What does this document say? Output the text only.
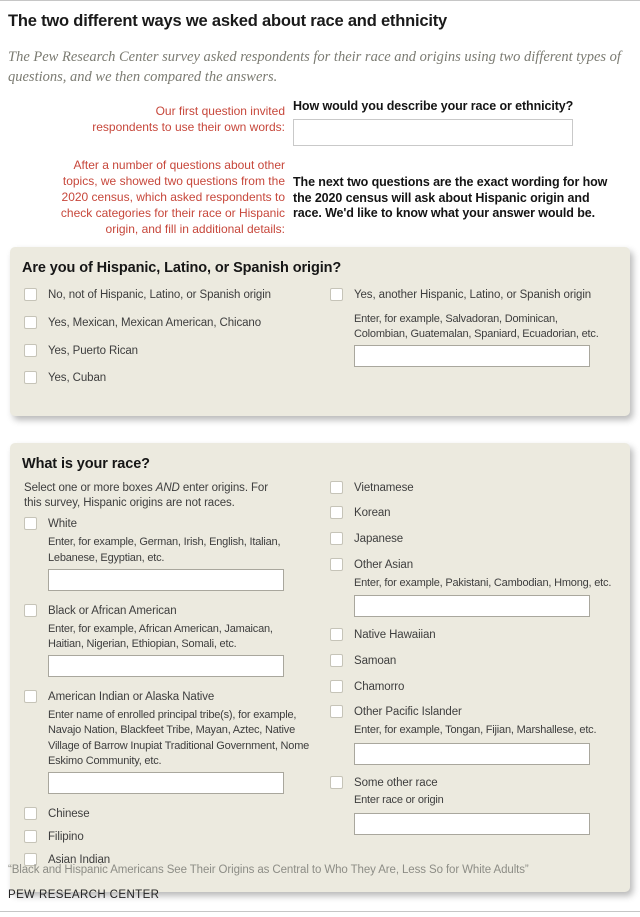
The two different ways we asked about race and ethnicity

The Pew Research Center survey asked respondents for their race and origins using two different types of questions, and we then compared the answers.

Our first question invited
respondents to use their own words:
How would you describe your race or ethnicity?
After a number of questions about other
topics, we showed two questions from the
2020 census, which asked respondents to
check categories for their race or Hispanic
origin, and fill in additional details:
The next two questions are the exact wording for how
the 2020 census will ask about Hispanic origin and
race. We'd like to know what your answer would be.
Are you of Hispanic, Latino, or Spanish origin?
No, not of Hispanic, Latino, or Spanish origin
Yes, Mexican, Mexican American, Chicano
Yes, Puerto Rican
Yes, Cuban
Yes, another Hispanic, Latino, or Spanish origin
Enter, for example, Salvadoran, Dominican, Colombian, Guatemalan, Spaniard, Ecuadorian, etc.
What is your race?

Select one or more boxes AND enter origins. For this survey, Hispanic origins are not races.

White
Enter, for example, German, Irish, English, Italian, Lebanese, Egyptian, etc.
Black or African American
Enter, for example, African American, Jamaican, Haitian, Nigerian, Ethiopian, Somali, etc.
American Indian or Alaska Native
Enter name of enrolled principal tribe(s), for example, Navajo Nation, Blackfeet Tribe, Mayan, Aztec, Native Village of Barrow Inupiat Traditional Government, Nome Eskimo Community, etc.
Chinese
Filipino
Asian Indian
Vietnamese
Korean
Japanese
Other Asian
Enter, for example, Pakistani, Cambodian, Hmong, etc.
Native Hawaiian
Samoan
Chamorro
Other Pacific Islander
Enter, for example, Tongan, Fijian, Marshallese, etc.
Some other race
Enter race or origin

“Black and Hispanic Americans See Their Origins as Central to Who They Are, Less So for White Adults”

PEW RESEARCH CENTER
